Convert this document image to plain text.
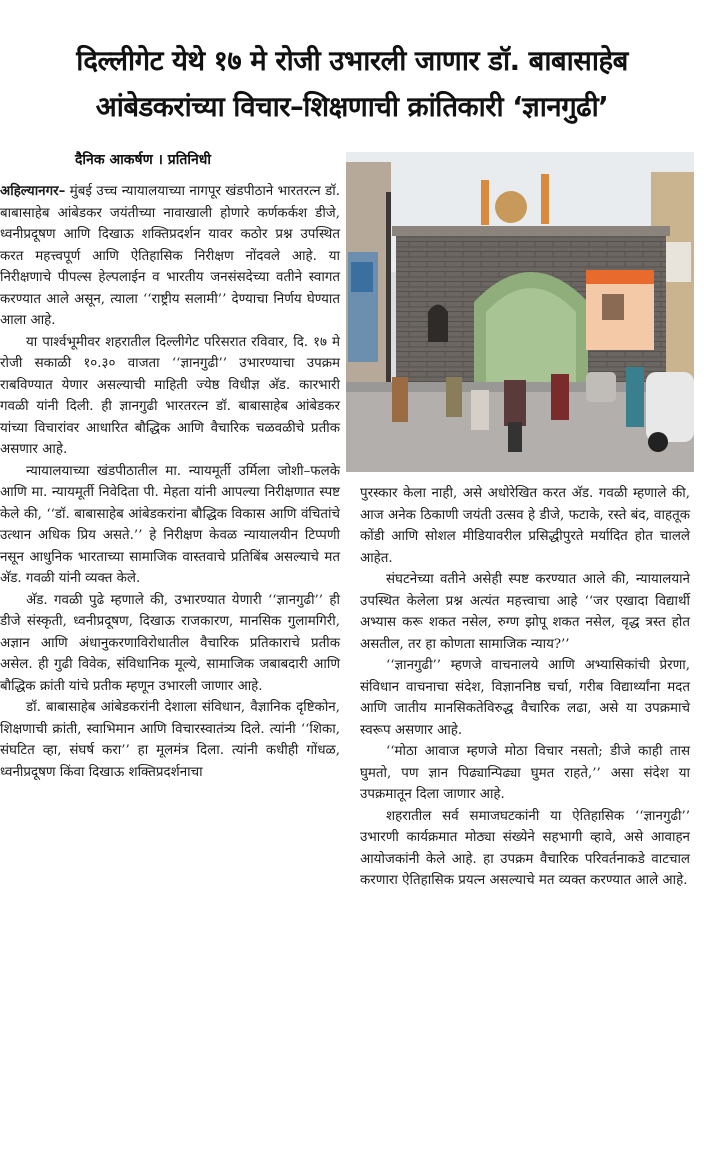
दिल्लीगेट येथे १७ मे रोजी उभारली जाणार डॉ. बाबासाहेब
आंबेडकरांच्या विचार–शिक्षणाची क्रांतिकारी ‘ज्ञानगुढी’
दैनिक आकर्षण । प्रतिनिधी

अहिल्यानगर– मुंबई उच्च न्यायालयाच्या नागपूर खंडपीठाने भारतरत्न डॉ. बाबासाहेब आंबेडकर जयंतीच्या नावाखाली होणारे कर्णकर्कश डीजे, ध्वनीप्रदूषण आणि दिखाऊ शक्तिप्रदर्शन यावर कठोर प्रश्न उपस्थित करत महत्त्वपूर्ण आणि ऐतिहासिक निरीक्षण नोंदवले आहे. या निरीक्षणाचे पीपल्स हेल्पलाईन व भारतीय जनसंसदेच्या वतीने स्वागत करण्यात आले असून, त्याला ‘‘राष्ट्रीय सलामी’’ देण्याचा निर्णय घेण्यात आला आहे.

या पार्श्वभूमीवर शहरातील दिल्लीगेट परिसरात रविवार, दि. १७ मे रोजी सकाळी १०.३० वाजता ‘‘ज्ञानगुढी’’ उभारण्याचा उपक्रम राबविण्यात येणार असल्याची माहिती ज्येष्ठ विधीज्ञ अ‍ॅड. कारभारी गवळी यांनी दिली. ही ज्ञानगुढी भारतरत्न डॉ. बाबासाहेब आंबेडकर यांच्या विचारांवर आधारित बौद्धिक आणि वैचारिक चळवळीचे प्रतीक असणार आहे.

न्यायालयाच्या खंडपीठातील मा. न्यायमूर्ती उर्मिला जोशी–फलके आणि मा. न्यायमूर्ती निवेदिता पी. मेहता यांनी आपल्या निरीक्षणात स्पष्ट केले की, ‘‘डॉ. बाबासाहेब आंबेडकरांना बौद्धिक विकास आणि वंचितांचे उत्थान अधिक प्रिय असते.’’ हे निरीक्षण केवळ न्यायालयीन टिप्पणी नसून आधुनिक भारताच्या सामाजिक वास्तवाचे प्रतिबिंब असल्याचे मत अ‍ॅड. गवळी यांनी व्यक्त केले.

अ‍ॅड. गवळी पुढे म्हणाले की, उभारण्यात येणारी ‘‘ज्ञानगुढी’’ ही डीजे संस्कृती, ध्वनीप्रदूषण, दिखाऊ राजकारण, मानसिक गुलामगिरी, अज्ञान आणि अंधानुकरणाविरोधातील वैचारिक प्रतिकाराचे प्रतीक असेल. ही गुढी विवेक, संविधानिक मूल्ये, सामाजिक जबाबदारी आणि बौद्धिक क्रांती यांचे प्रतीक म्हणून उभारली जाणार आहे.

डॉ. बाबासाहेब आंबेडकरांनी देशाला संविधान, वैज्ञानिक दृष्टिकोन, शिक्षणाची क्रांती, स्वाभिमान आणि विचारस्वातंत्र्य दिले. त्यांनी ‘‘शिका, संघटित व्हा, संघर्ष करा’’ हा मूलमंत्र दिला. त्यांनी कधीही गोंधळ, ध्वनीप्रदूषण किंवा दिखाऊ शक्तिप्रदर्शनाचा

पुरस्कार केला नाही, असे अधोरेखित करत अ‍ॅड. गवळी म्हणाले की, आज अनेक ठिकाणी जयंती उत्सव हे डीजे, फटाके, रस्ते बंद, वाहतूक कोंडी आणि सोशल मीडियावरील प्रसिद्धीपुरते मर्यादित होत चालले आहेत.

संघटनेच्या वतीने असेही स्पष्ट करण्यात आले की, न्यायालयाने उपस्थित केलेला प्रश्न अत्यंत महत्त्वाचा आहे ‘‘जर एखादा विद्यार्थी अभ्यास करू शकत नसेल, रुग्ण झोपू शकत नसेल, वृद्ध त्रस्त होत असतील, तर हा कोणता सामाजिक न्याय?’’

‘‘ज्ञानगुढी’’ म्हणजे वाचनालये आणि अभ्यासिकांची प्रेरणा, संविधान वाचनाचा संदेश, विज्ञाननिष्ठ चर्चा, गरीब विद्यार्थ्यांना मदत आणि जातीय मानसिकतेविरुद्ध वैचारिक लढा, असे या उपक्रमाचे स्वरूप असणार आहे.

‘‘मोठा आवाज म्हणजे मोठा विचार नसतो; डीजे काही तास घुमतो, पण ज्ञान पिढ्यान्पिढ्या घुमत राहते,’’ असा संदेश या उपक्रमातून दिला जाणार आहे.

शहरातील सर्व समाजघटकांनी या ऐतिहासिक ‘‘ज्ञानगुढी’’ उभारणी कार्यक्रमात मोठ्या संख्येने सहभागी व्हावे, असे आवाहन आयोजकांनी केले आहे. हा उपक्रम वैचारिक परिवर्तनाकडे वाटचाल करणारा ऐतिहासिक प्रयत्न असल्याचे मत व्यक्त करण्यात आले आहे.
